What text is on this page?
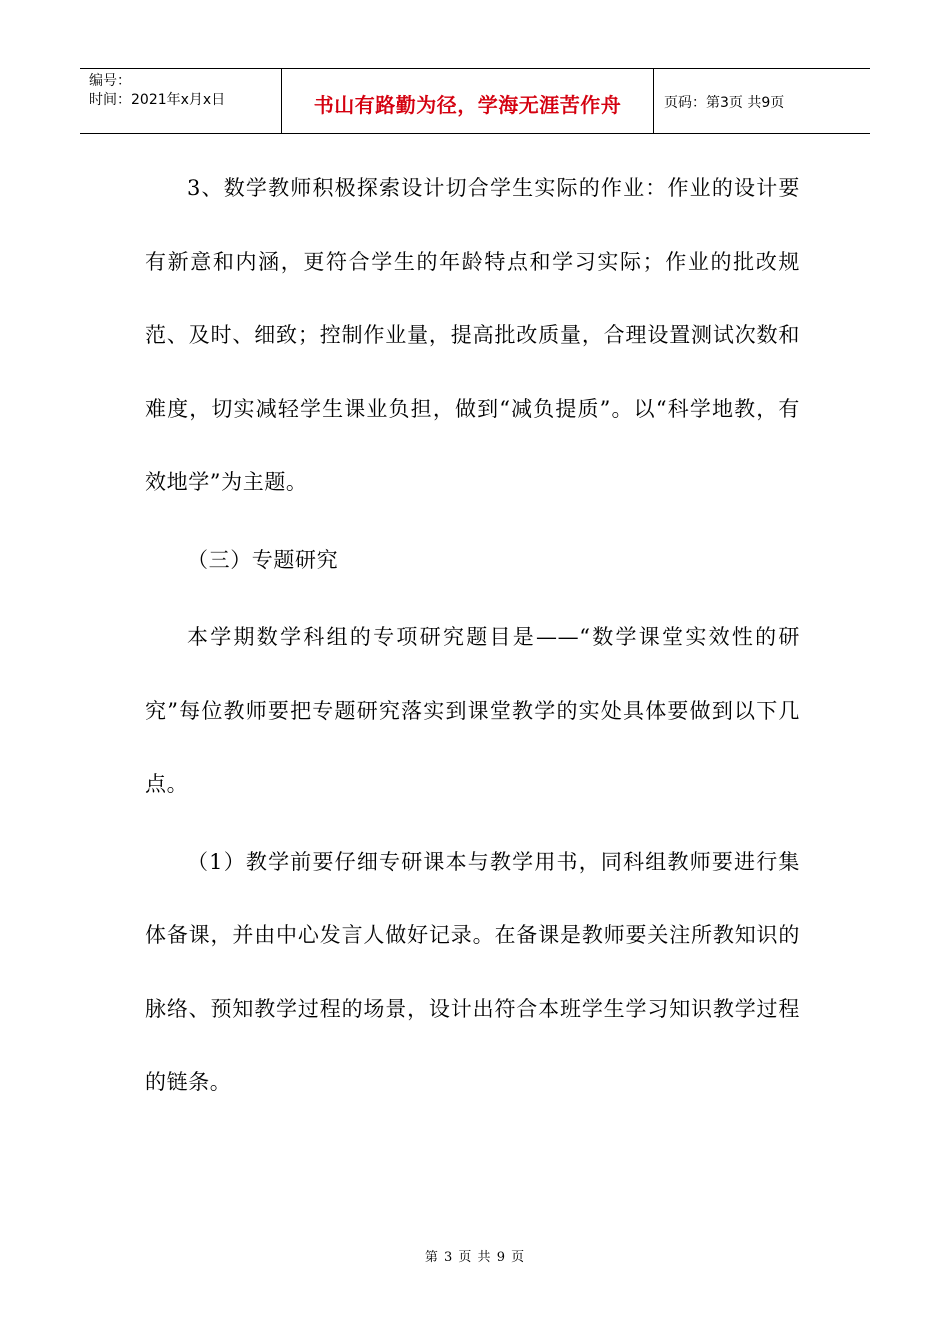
编号：
时间：2021年x月x日	书山有路勤为径，学海无涯苦作舟	页码：第3页 共9页

3、数学教师积极探索设计切合学生实际的作业：作业的设计要有新意和内涵，更符合学生的年龄特点和学习实际；作业的批改规范、及时、细致；控制作业量，提高批改质量，合理设置测试次数和难度，切实减轻学生课业负担，做到“减负提质”。以“科学地教，有效地学”为主题。

（三）专题研究

本学期数学科组的专项研究题目是——“数学课堂实效性的研究”每位教师要把专题研究落实到课堂教学的实处具体要做到以下几点。

（1）教学前要仔细专研课本与教学用书，同科组教师要进行集体备课，并由中心发言人做好记录。在备课是教师要关注所教知识的脉络、预知教学过程的场景，设计出符合本班学生学习知识教学过程的链条。

第 3 页 共 9 页
